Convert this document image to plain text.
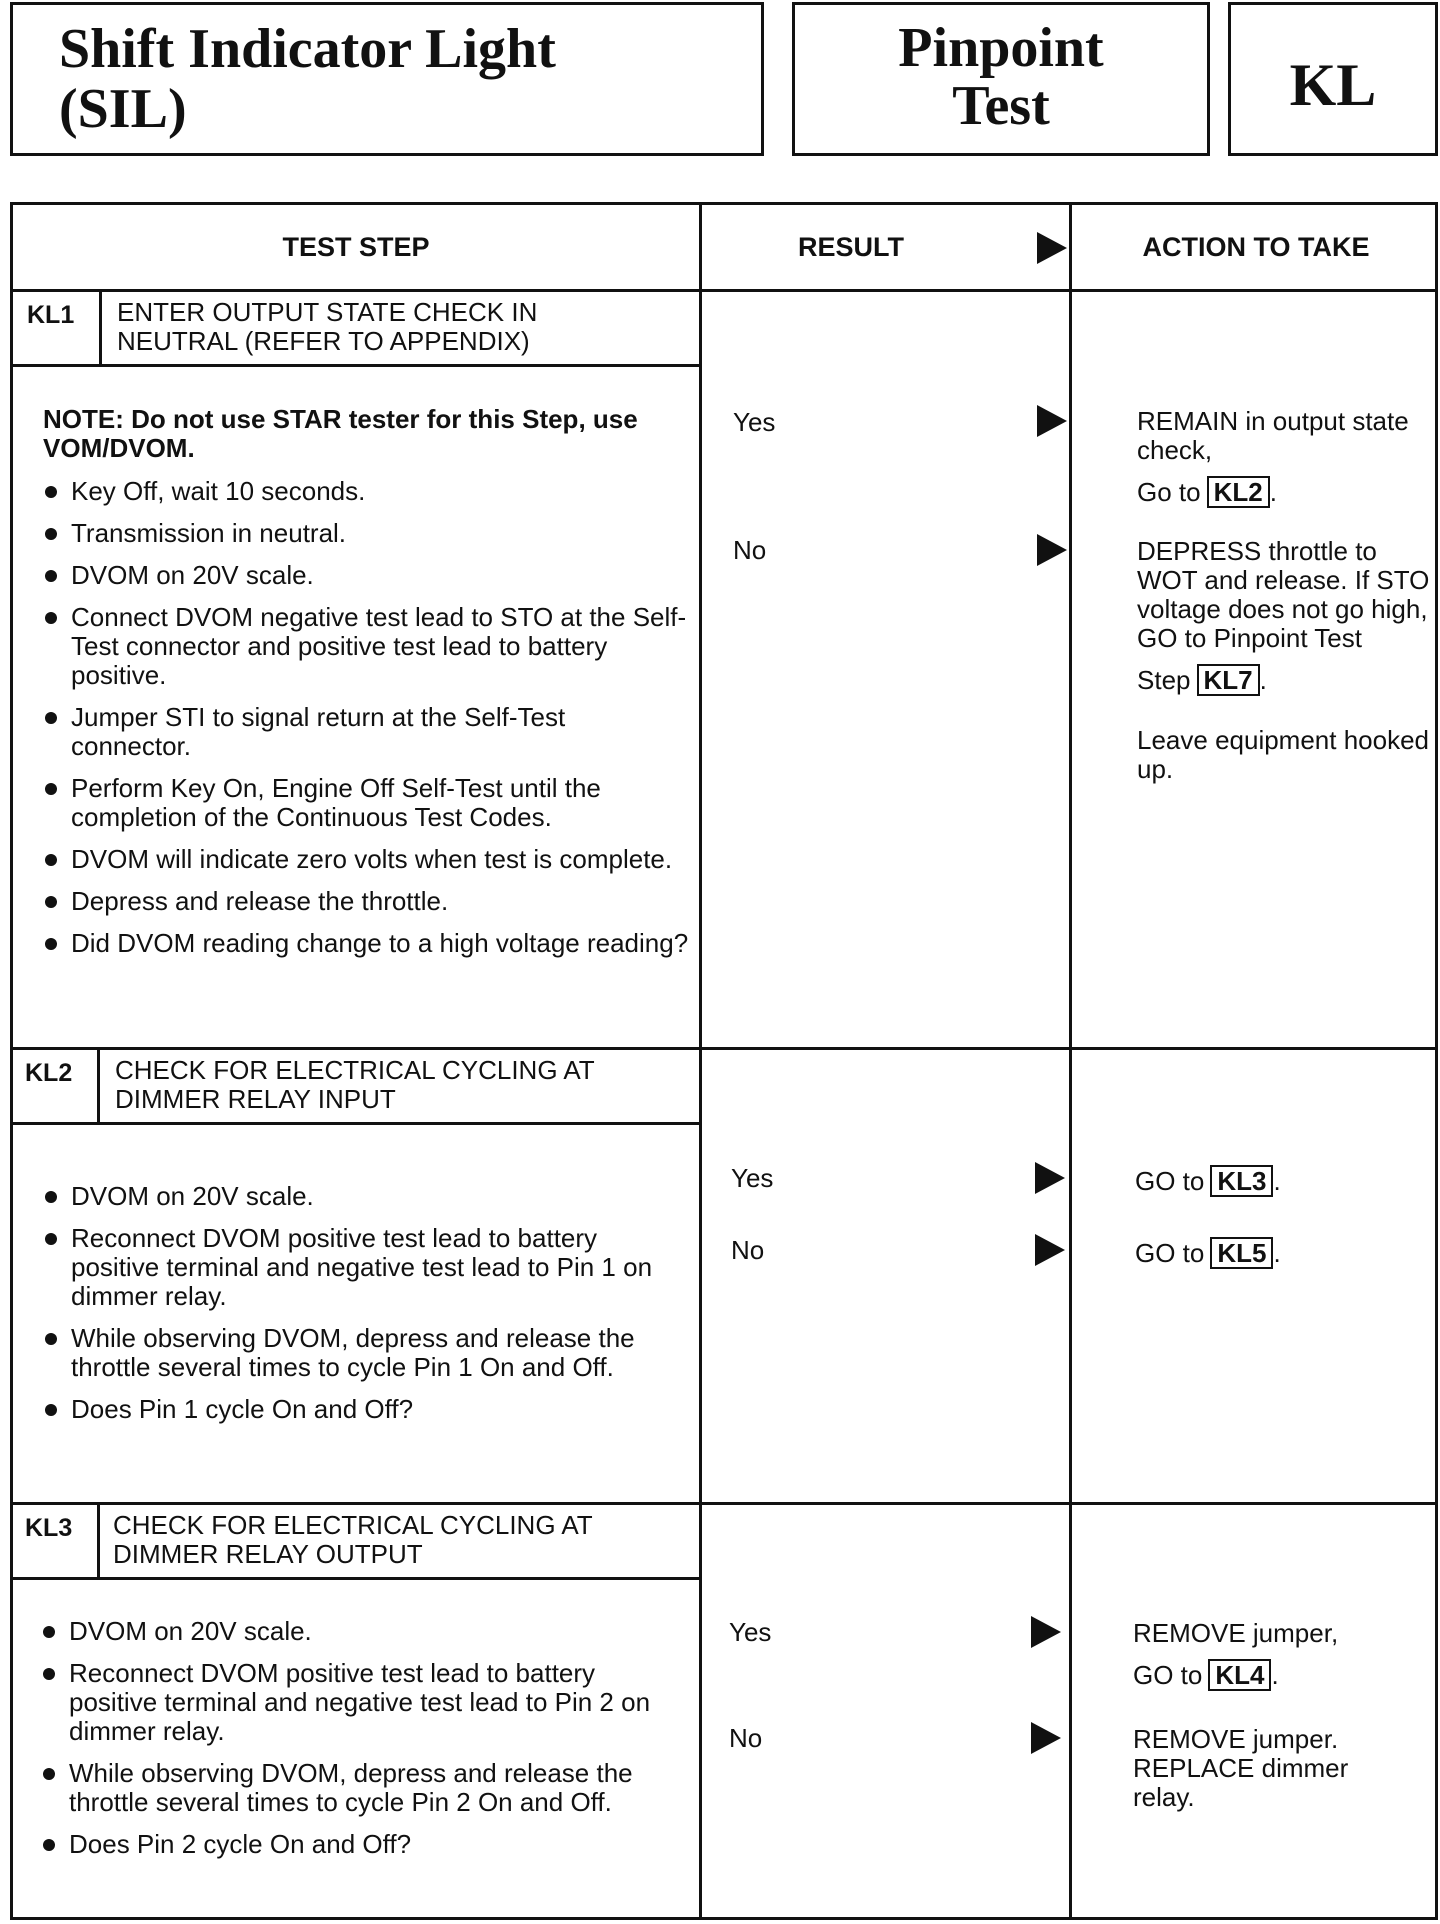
Shift Indicator Light
(SIL)
Pinpoint
Test	KL
TEST STEP	RESULT	ACTION TO TAKE
KL1 ENTER OUTPUT STATE CHECK IN
NEUTRAL (REFER TO APPENDIX)
NOTE: Do not use STAR tester for this Step, use VOM/DVOM.
Key Off, wait 10 seconds.
Transmission in neutral.
DVOM on 20V scale.
Connect DVOM negative test lead to STO at the Self-Test connector and positive test lead to battery positive.
Jumper STI to signal return at the Self-Test connector.
Perform Key On, Engine Off Self-Test until the completion of the Continuous Test Codes.
DVOM will indicate zero volts when test is complete.
Depress and release the throttle.
Did DVOM reading change to a high voltage reading?
Yes	REMAIN in output state check,

Go to KL2 .

No	DEPRESS throttle to WOT and release. If STO voltage does not go high, GO to Pinpoint Test

Step KL7 .

Leave equipment hooked up.

KL2 CHECK FOR ELECTRICAL CYCLING AT
DIMMER RELAY INPUT
DVOM on 20V scale.
Reconnect DVOM positive test lead to battery positive terminal and negative test lead to Pin 1 on dimmer relay.
While observing DVOM, depress and release the throttle several times to cycle Pin 1 On and Off.
Does Pin 1 cycle On and Off?
Yes	GO to KL3 .

No	GO to KL5 .

KL3 CHECK FOR ELECTRICAL CYCLING AT
DIMMER RELAY OUTPUT
DVOM on 20V scale.
Reconnect DVOM positive test lead to battery positive terminal and negative test lead to Pin 2 on dimmer relay.
While observing DVOM, depress and release the throttle several times to cycle Pin 2 On and Off.
Does Pin 2 cycle On and Off?
Yes	REMOVE jumper,

GO to KL4 .

No	REMOVE jumper. REPLACE dimmer relay.
